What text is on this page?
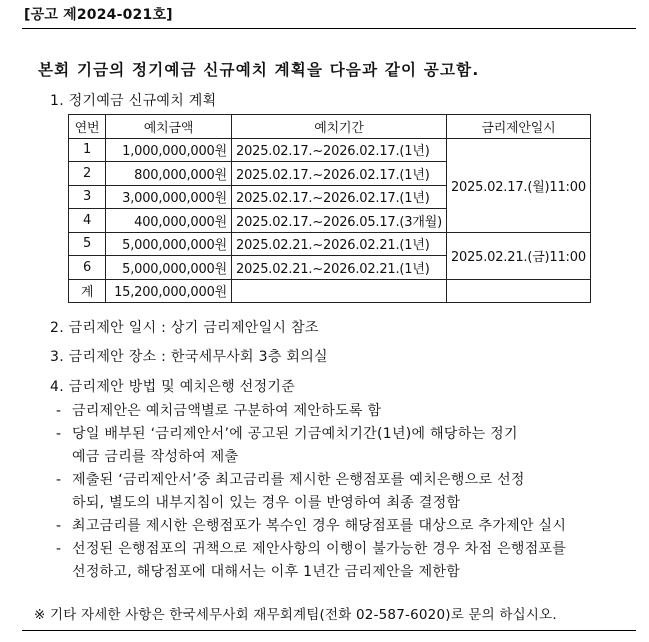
[공고 제2024-021호]
본회 기금의 정기예금 신규예치 계획을 다음과 같이 공고함.
1. 정기예금 신규예치 계획
연번	예치금액	예치기간	금리제안일시
1	1,000,000,000원	2025.02.17.~2026.02.17.(1년)	2025.02.17.(월)11:00
2	800,000,000원	2025.02.17.~2026.02.17.(1년)	
3	3,000,000,000원	2025.02.17.~2026.02.17.(1년)	
4	400,000,000원	2025.02.17.~2026.05.17.(3개월)	
5	5,000,000,000원	2025.02.21.~2026.02.21.(1년)	2025.02.21.(금)11:00
6	5,000,000,000원	2025.02.21.~2026.02.21.(1년)	
계	15,200,000,000원		
2. 금리제안 일시 : 상기 금리제안일시 참조
3. 금리제안 장소 : 한국세무사회 3층 회의실
4. 금리제안 방법 및 예치은행 선정기준
- 금리제안은 예치금액별로 구분하여 제안하도록 함
- 당일 배부된 ‘금리제안서’에 공고된 기금예치기간(1년)에 해당하는 정기
예금 금리를 작성하여 제출
- 제출된 ‘금리제안서’중 최고금리를 제시한 은행점포를 예치은행으로 선정
하되, 별도의 내부지침이 있는 경우 이를 반영하여 최종 결정함
- 최고금리를 제시한 은행점포가 복수인 경우 해당점포를 대상으로 추가제안 실시
- 선정된 은행점포의 귀책으로 제안사항의 이행이 불가능한 경우 차점 은행점포를
선정하고, 해당점포에 대해서는 이후 1년간 금리제안을 제한함
※ 기타 자세한 사항은 한국세무사회 재무회계팀(전화 02-587-6020)로 문의 하십시오.
